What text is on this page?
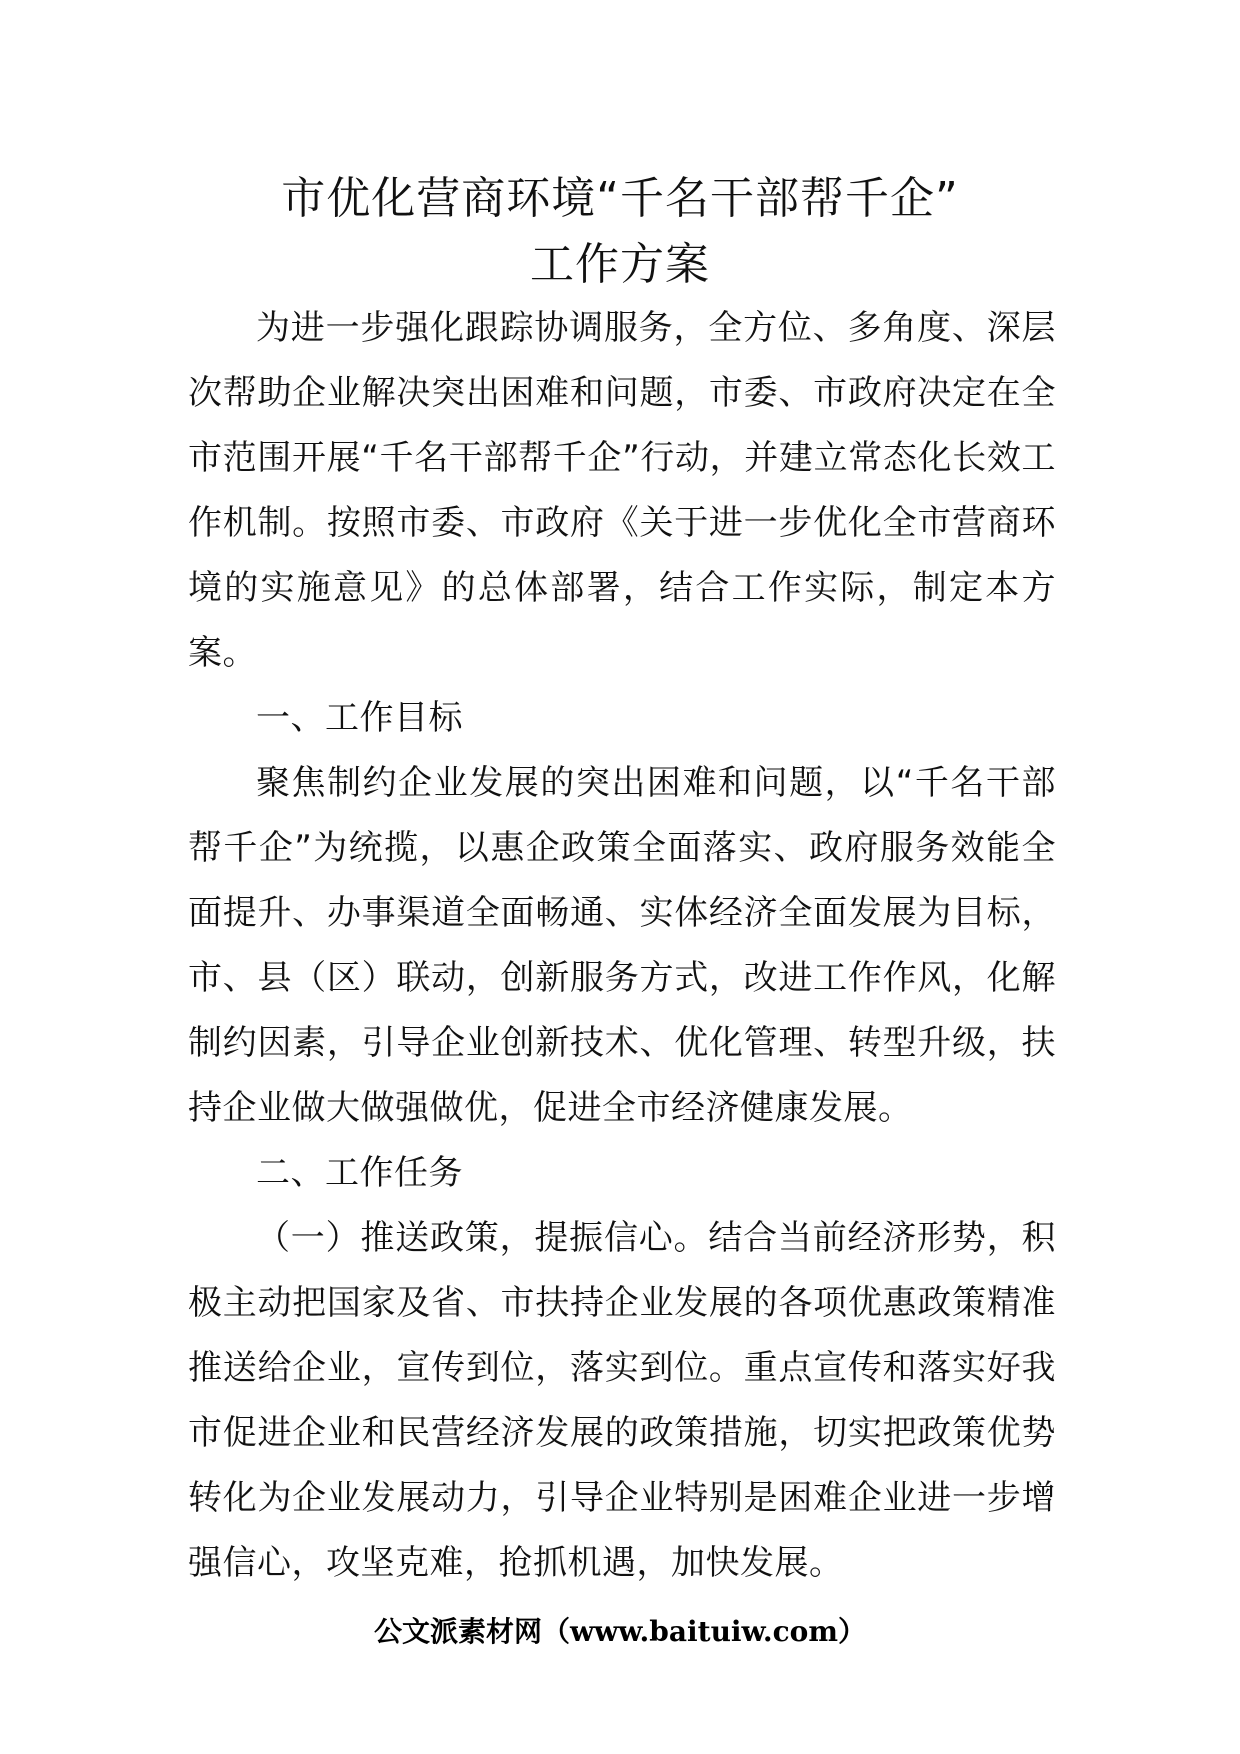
市优化营商环境“千名干部帮千企”
工作方案

为进一步强化跟踪协调服务，全方位、多角度、深层次帮助企业解决突出困难和问题，市委、市政府决定在全市范围开展“千名干部帮千企”行动，并建立常态化长效工作机制。按照市委、市政府《关于进一步优化全市营商环境的实施意见》的总体部署，结合工作实际，制定本方案。

一、工作目标

聚焦制约企业发展的突出困难和问题，以“千名干部帮千企”为统揽，以惠企政策全面落实、政府服务效能全面提升、办事渠道全面畅通、实体经济全面发展为目标，市、县（区）联动，创新服务方式，改进工作作风，化解制约因素，引导企业创新技术、优化管理、转型升级，扶持企业做大做强做优，促进全市经济健康发展。

二、工作任务

（一）推送政策，提振信心。结合当前经济形势，积极主动把国家及省、市扶持企业发展的各项优惠政策精准推送给企业，宣传到位，落实到位。重点宣传和落实好我市促进企业和民营经济发展的政策措施，切实把政策优势转化为企业发展动力，引导企业特别是困难企业进一步增强信心，攻坚克难，抢抓机遇，加快发展。

公文派素材网（www.baituiw.com）
